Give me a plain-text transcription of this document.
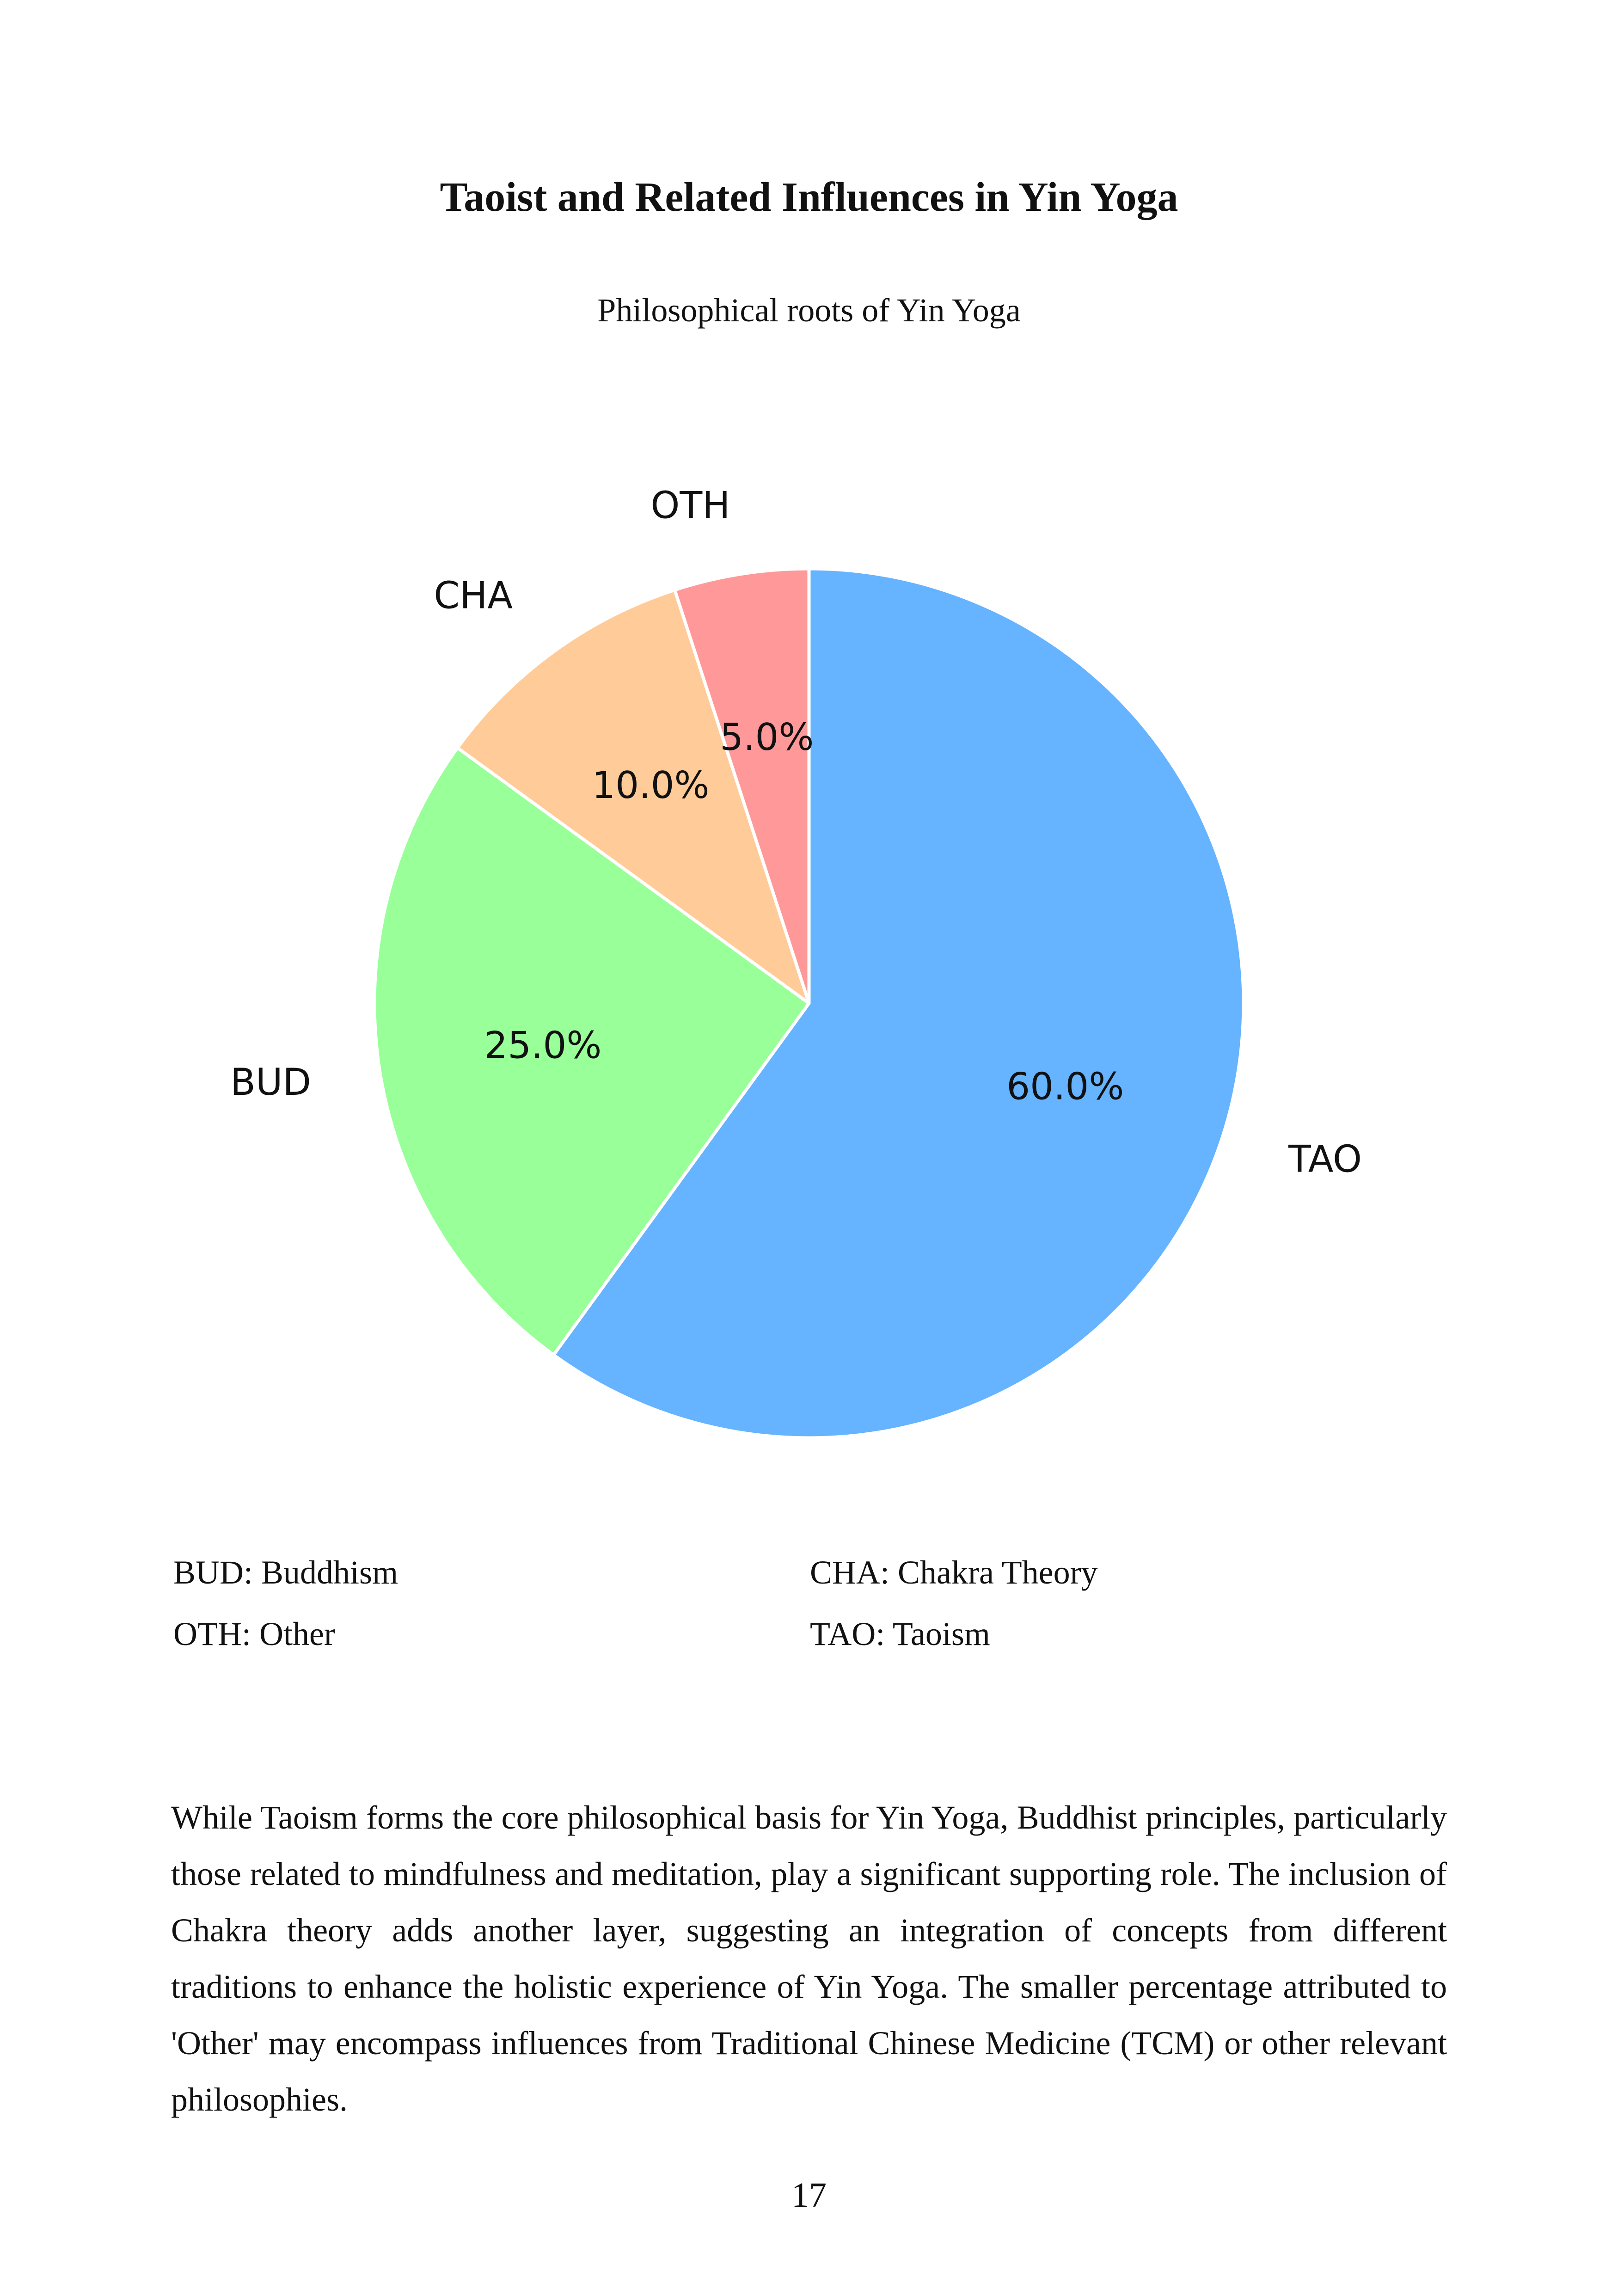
Taoist and Related Influences in Yin Yoga
Philosophical roots of Yin Yoga
TAO
60.0%
BUD
25.0%
CHA
10.0%
OTH
5.0%
BUD: Buddhism	CHA: Chakra Theory
OTH: Other	TAO: Taoism
While Taoism forms the core philosophical basis for Yin Yoga, Buddhist principles, particularly those related to mindfulness and meditation, play a significant supporting role. The inclusion of Chakra theory adds another layer, suggesting an integration of concepts from different traditions to enhance the holistic experience of Yin Yoga. The smaller percentage attributed to 'Other' may encompass influences from Traditional Chinese Medicine (TCM) or other relevant philosophies.
17
